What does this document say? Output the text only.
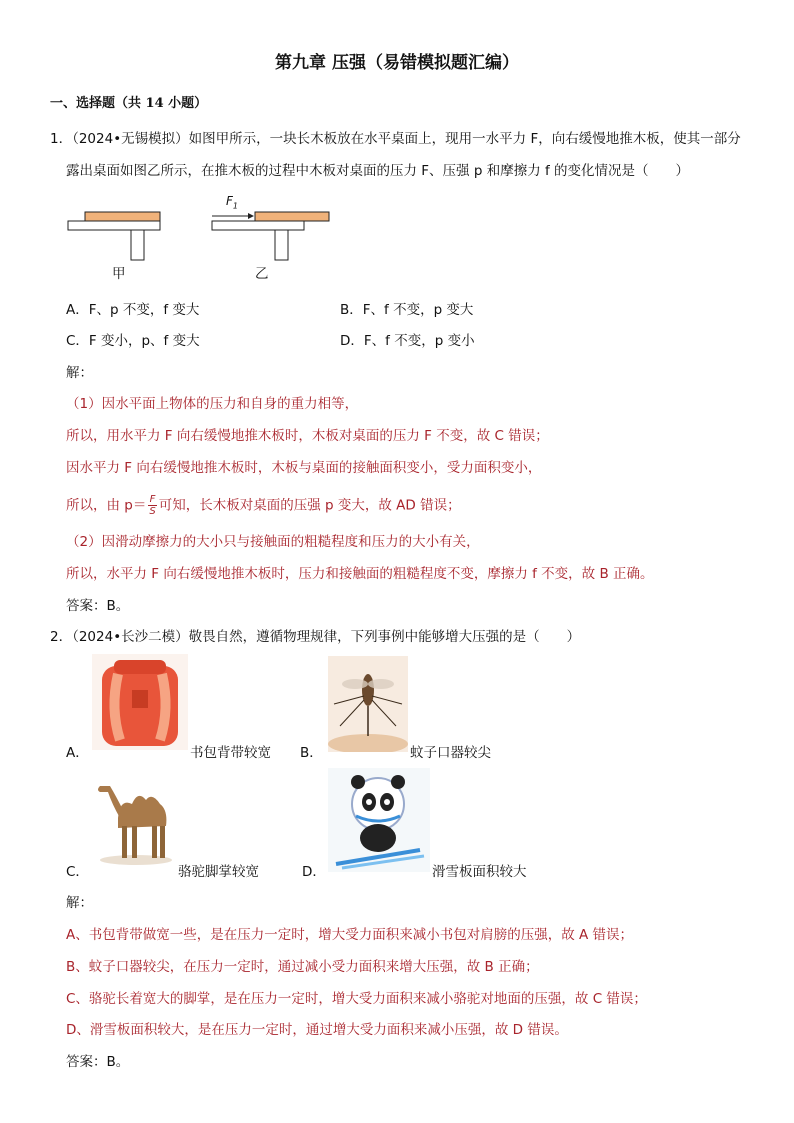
第九章 压强（易错模拟题汇编）
一、选择题（共 14 小题）
1．（2024•无锡模拟）如图甲所示，一块长木板放在水平桌面上，现用一水平力 F，向右缓慢地推木板，使其一部分
露出桌面如图乙所示，在推木板的过程中木板对桌面的压力 F、压强 p 和摩擦力 f 的变化情况是（　　）
甲
$F_1$
乙
A．F、p 不变，f 变大	B．F、f 不变，p 变大
C．F 变小，p、f 变大	D．F、f 不变，p 变小
解：
（1）因水平面上物体的压力和自身的重力相等，
所以，用水平力 F 向右缓慢地推木板时，木板对桌面的压力 F 不变，故 C 错误；
因水平力 F 向右缓慢地推木板时，木板与桌面的接触面积变小，受力面积变小，
所以，由 $p= \frac{F}{S}$ 可知，长木板对桌面的压强 p 变大，故 AD 错误；
（2）因滑动摩擦力的大小只与接触面的粗糙程度和压力的大小有关，
所以，水平力 F 向右缓慢地推木板时，压力和接触面的粗糙程度不变，摩擦力 f 不变，故 B 正确。
答案：B。
2．（2024•长沙二模）敬畏自然，遵循物理规律，下列事例中能够增大压强的是（　　）
A．	书包背带较宽 B．	蚊子口器较尖
C．	骆驼脚掌较宽	D．	滑雪板面积较大
解：
A、书包背带做宽一些，是在压力一定时，增大受力面积来减小书包对肩膀的压强，故 A 错误；
B、蚊子口器较尖，在压力一定时，通过减小受力面积来增大压强，故 B 正确；
C、骆驼长着宽大的脚掌，是在压力一定时，增大受力面积来减小骆驼对地面的压强，故 C 错误；
D、滑雪板面积较大，是在压力一定时，通过增大受力面积来减小压强，故 D 错误。
答案：B。
